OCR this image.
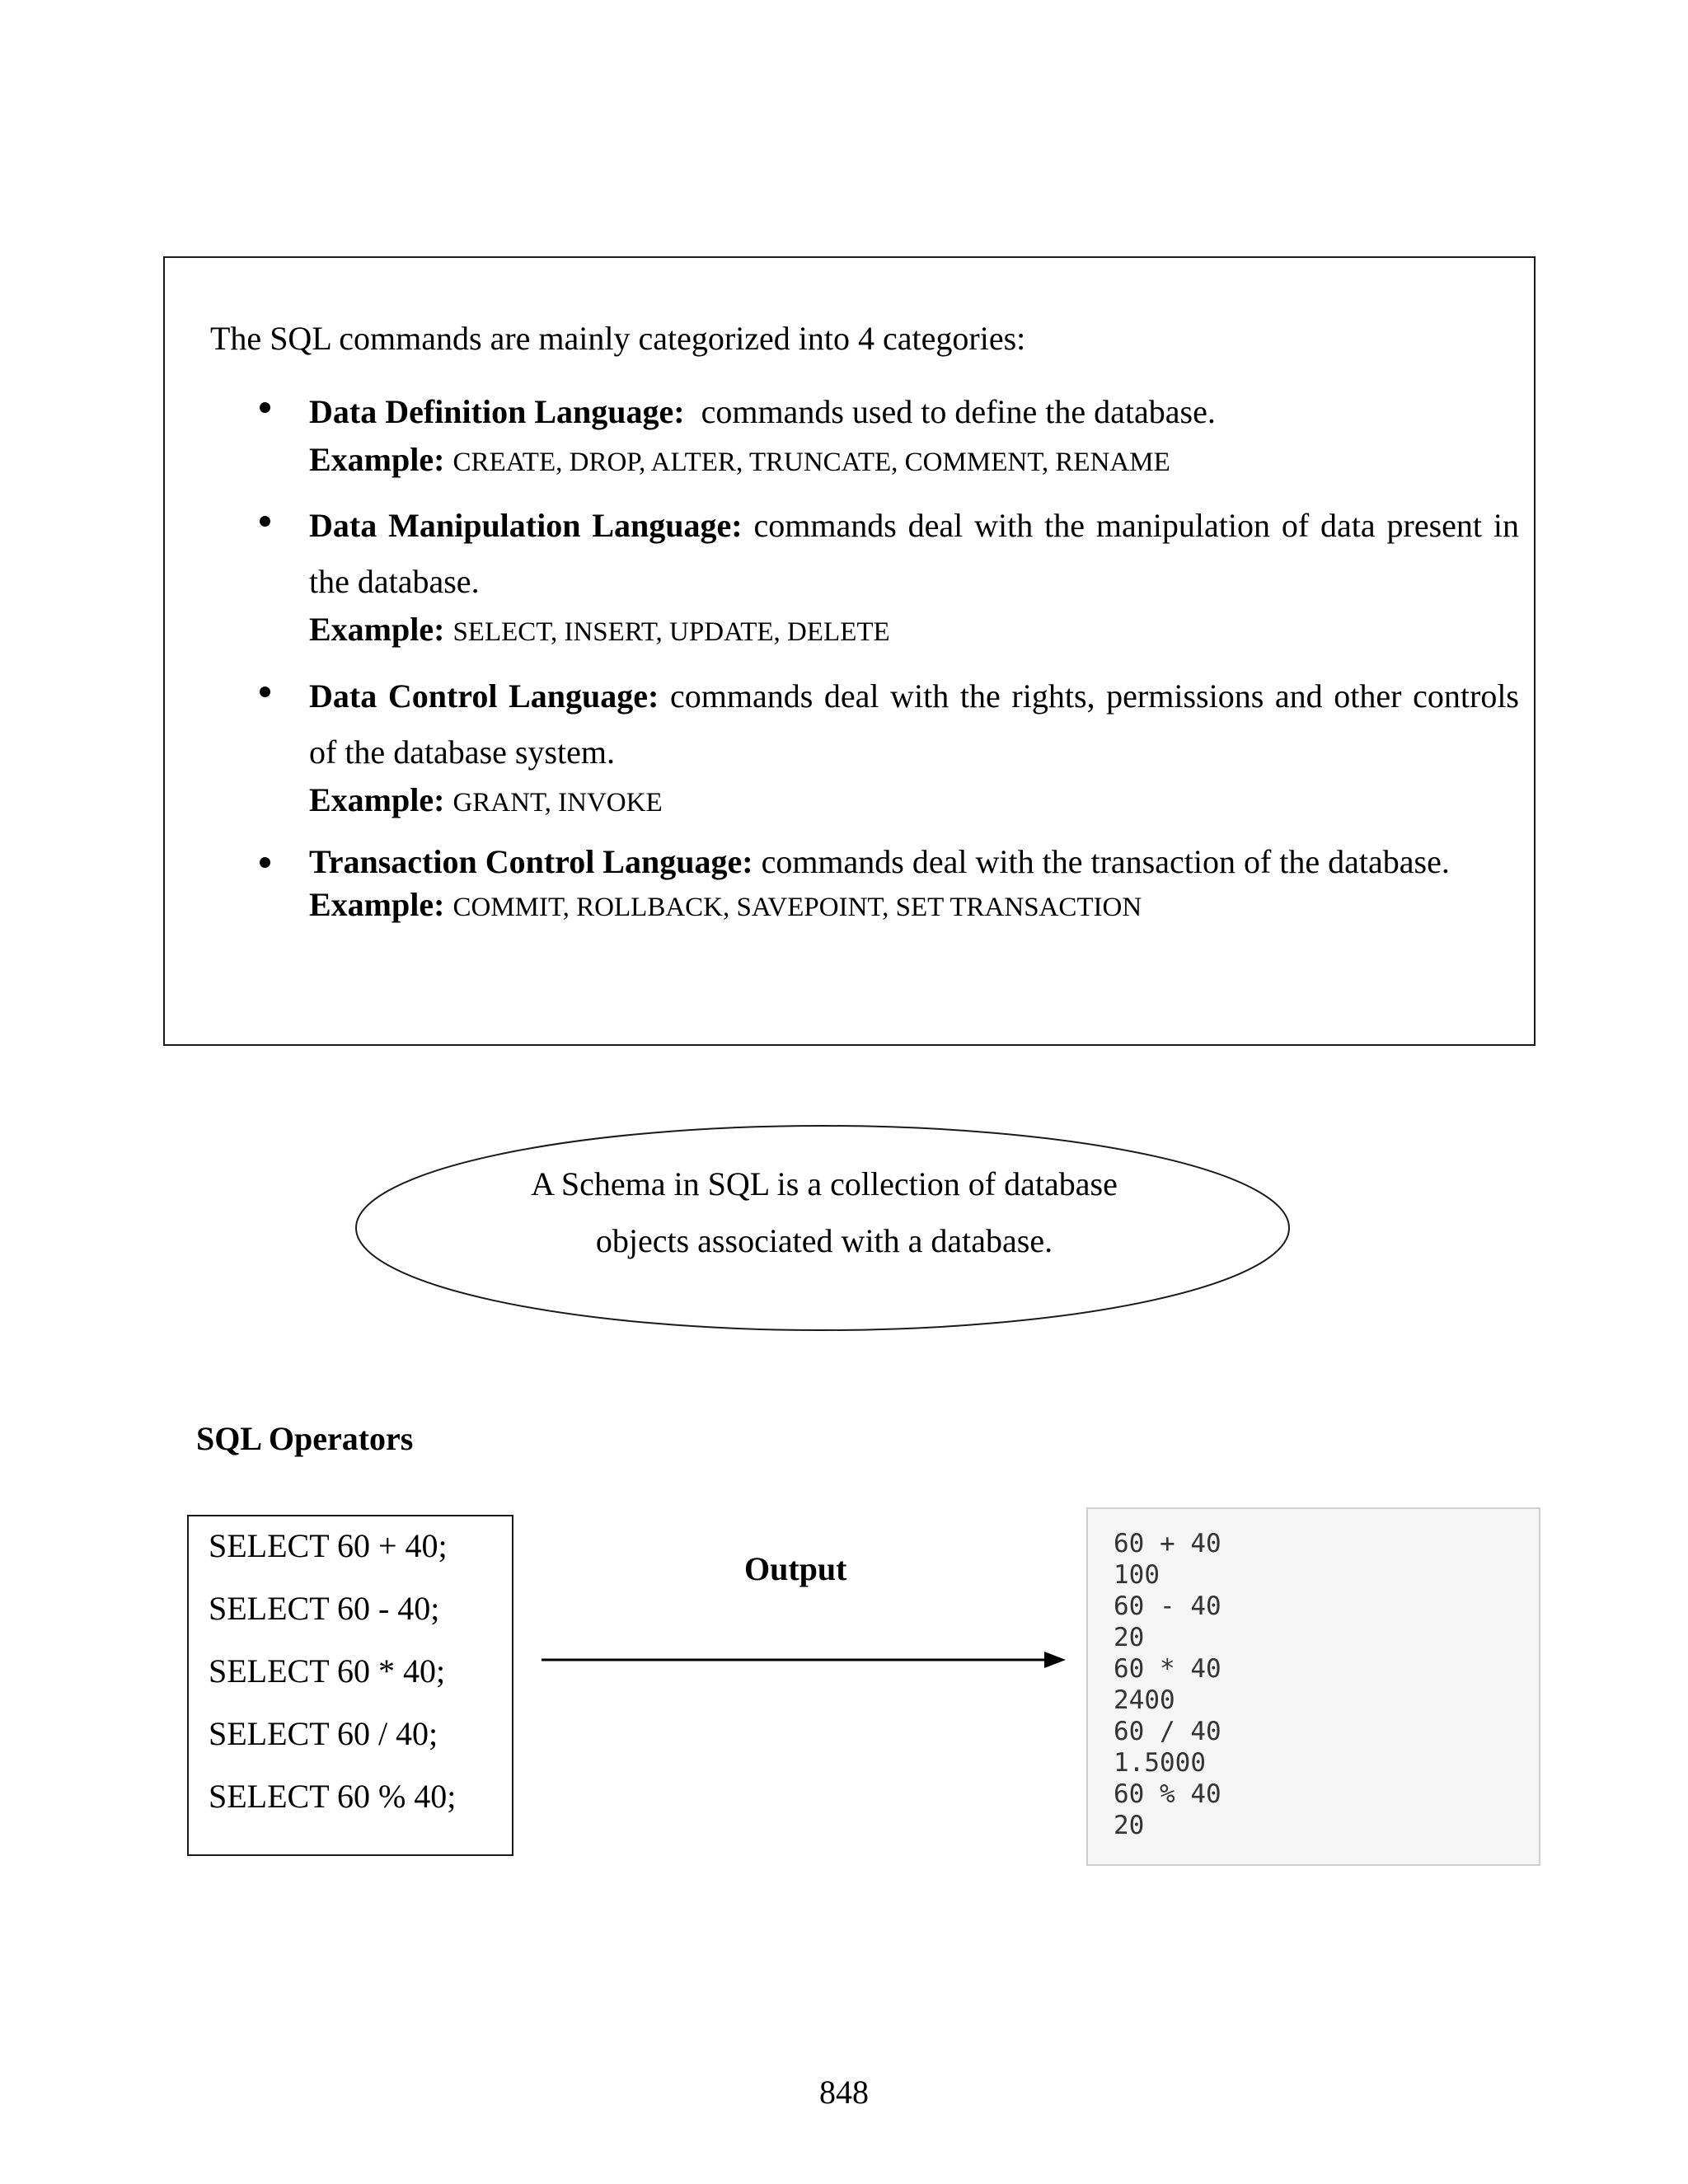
The SQL commands are mainly categorized into 4 categories:
Data Definition Language: commands used to define the database.
Example: CREATE, DROP, ALTER, TRUNCATE, COMMENT, RENAME
Data Manipulation Language: commands deal with the manipulation of data present in the database.
Example: SELECT, INSERT, UPDATE, DELETE
Data Control Language: commands deal with the rights, permissions and other controls of the database system.
Example: GRANT, INVOKE
Transaction Control Language: commands deal with the transaction of the database.
Example: COMMIT, ROLLBACK, SAVEPOINT, SET TRANSACTION
A Schema in SQL is a collection of database
objects associated with a database.
SQL Operators
SELECT 60 + 40;
SELECT 60 - 40;
SELECT 60 * 40;
SELECT 60 / 40;
SELECT 60 % 40;
Output
60 + 40
100
60 - 40
20
60 * 40
2400
60 / 40
1.5000
60 % 40
20
848
